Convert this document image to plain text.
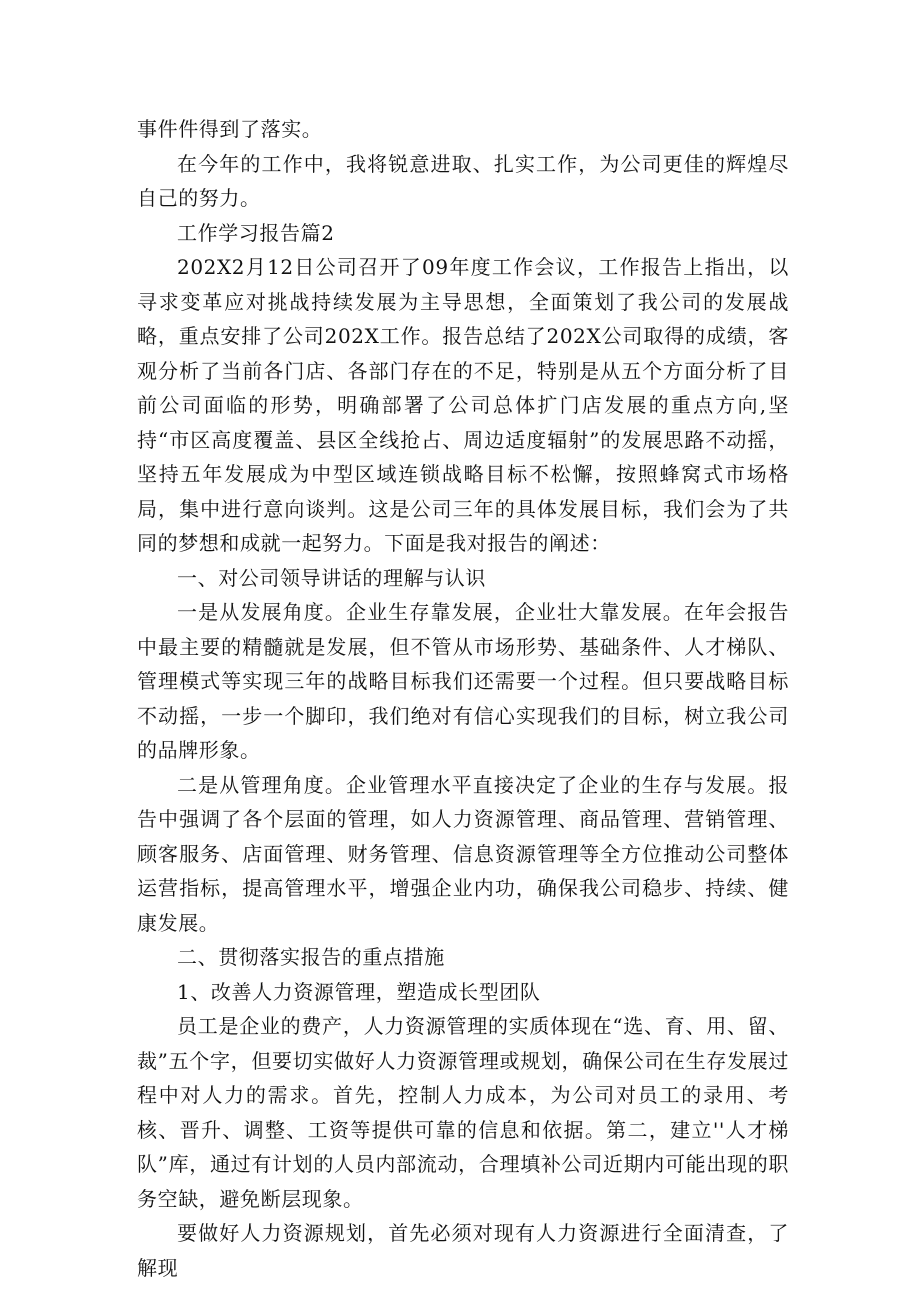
事件件得到了落实。

在今年的工作中，我将锐意进取、扎实工作，为公司更佳的辉煌尽自己的努力。

工作学习报告篇2

202X2月12日公司召开了09年度工作会议，工作报告上指出，以寻求变革应对挑战持续发展为主导思想，全面策划了我公司的发展战略，重点安排了公司202X工作。报告总结了202X公司取得的成绩，客观分析了当前各门店、各部门存在的不足，特别是从五个方面分析了目前公司面临的形势，明确部署了公司总体扩门店发展的重点方向,坚持“市区高度覆盖、县区全线抢占、周边适度辐射”的发展思路不动摇，坚持五年发展成为中型区域连锁战略目标不松懈，按照蜂窝式市场格局，集中进行意向谈判。这是公司三年的具体发展目标，我们会为了共同的梦想和成就一起努力。下面是我对报告的阐述：

一、对公司领导讲话的理解与认识

一是从发展角度。企业生存靠发展，企业壮大靠发展。在年会报告中最主要的精髓就是发展，但不管从市场形势、基础条件、人才梯队、管理模式等实现三年的战略目标我们还需要一个过程。但只要战略目标不动摇，一步一个脚印，我们绝对有信心实现我们的目标，树立我公司的品牌形象。

二是从管理角度。企业管理水平直接决定了企业的生存与发展。报告中强调了各个层面的管理，如人力资源管理、商品管理、营销管理、顾客服务、店面管理、财务管理、信息资源管理等全方位推动公司整体运营指标，提高管理水平，增强企业内功，确保我公司稳步、持续、健康发展。

二、贯彻落实报告的重点措施

1、改善人力资源管理，塑造成长型团队

员工是企业的费产，人力资源管理的实质体现在“选、育、用、留、裁”五个字，但要切实做好人力资源管理或规划，确保公司在生存发展过程中对人力的需求。首先，控制人力成本，为公司对员工的录用、考核、晋升、调整、工资等提供可靠的信息和依据。第二，建立''人才梯队”库，通过有计划的人员内部流动，合理填补公司近期内可能出现的职务空缺，避免断层现象。

要做好人力资源规划，首先必须对现有人力资源进行全面清查，了解现
